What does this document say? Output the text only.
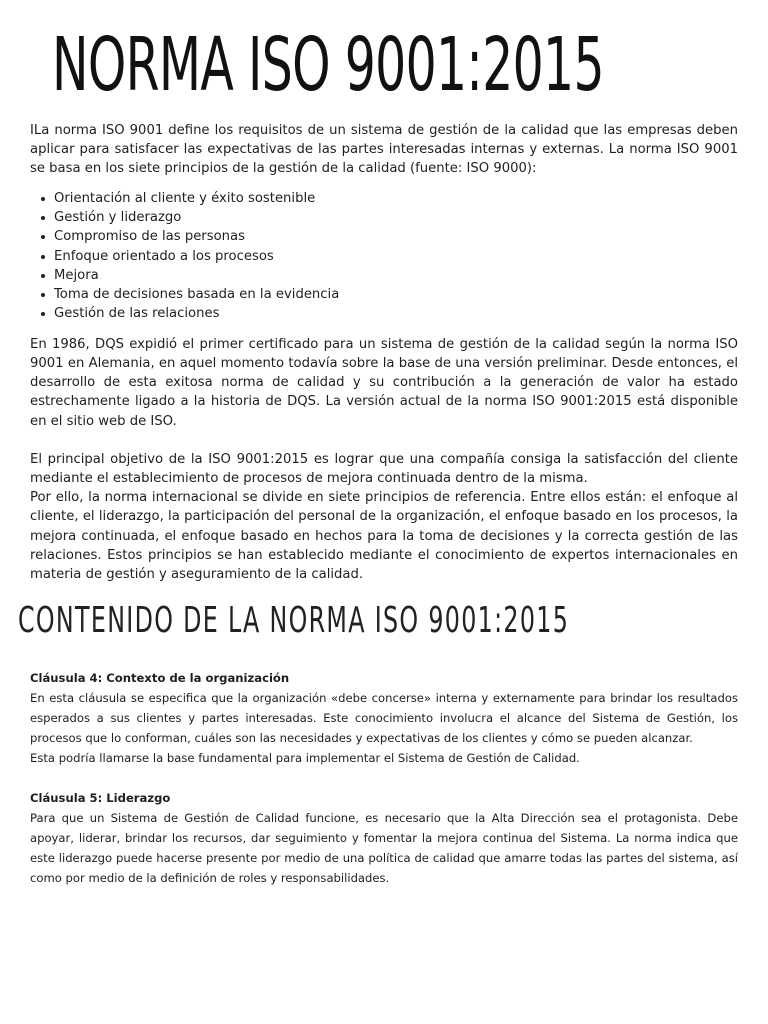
NORMA ISO 9001:2015

ILa norma ISO 9001 define los requisitos de un sistema de gestión de la calidad que las empresas deben aplicar para satisfacer las expectativas de las partes interesadas internas y externas. La norma ISO 9001 se basa en los siete principios de la gestión de la calidad (fuente: ISO 9000):

Orientación al cliente y éxito sostenible
Gestión y liderazgo
Compromiso de las personas
Enfoque orientado a los procesos
Mejora
Toma de decisiones basada en la evidencia
Gestión de las relaciones

En 1986, DQS expidió el primer certificado para un sistema de gestión de la calidad según la norma ISO 9001 en Alemania, en aquel momento todavía sobre la base de una versión preliminar. Desde entonces, el desarrollo de esta exitosa norma de calidad y su contribución a la generación de valor ha estado estrechamente ligado a la historia de DQS. La versión actual de la norma ISO 9001:2015 está disponible en el sitio web de ISO.

El principal objetivo de la ISO 9001:2015 es lograr que una compañía consiga la satisfacción del cliente mediante el establecimiento de procesos de mejora continuada dentro de la misma.

Por ello, la norma internacional se divide en siete principios de referencia. Entre ellos están: el enfoque al cliente, el liderazgo, la participación del personal de la organización, el enfoque basado en los procesos, la mejora continuada, el enfoque basado en hechos para la toma de decisiones y la correcta gestión de las relaciones. Estos principios se han establecido mediante el conocimiento de expertos internacionales en materia de gestión y aseguramiento de la calidad.

CONTENIDO DE LA NORMA ISO 9001:2015
Cláusula 4: Contexto de la organización

En esta cláusula se especifica que la organización «debe concerse» interna y externamente para brindar los resultados esperados a sus clientes y partes interesadas. Este conocimiento involucra el alcance del Sistema de Gestión, los procesos que lo conforman, cuáles son las necesidades y expectativas de los clientes y cómo se pueden alcanzar.

Esta podría llamarse la base fundamental para implementar el Sistema de Gestión de Calidad.

Cláusula 5: Liderazgo

Para que un Sistema de Gestión de Calidad funcione, es necesario que la Alta Dirección sea el protagonista. Debe apoyar, liderar, brindar los recursos, dar seguimiento y fomentar la mejora continua del Sistema. La norma indica que este liderazgo puede hacerse presente por medio de una política de calidad que amarre todas las partes del sistema, así como por medio de la definición de roles y responsabilidades.
